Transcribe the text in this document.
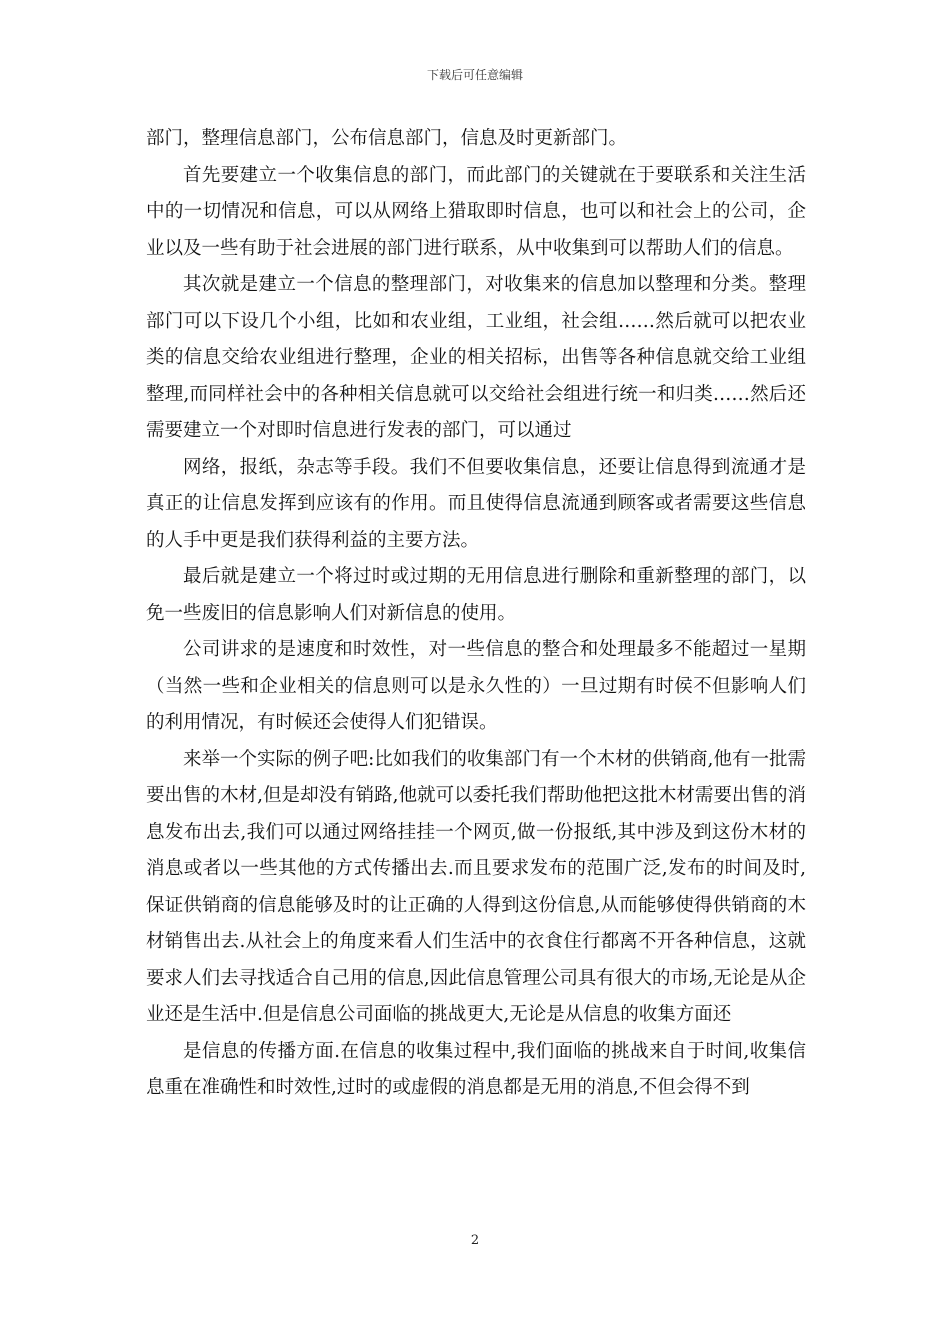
下载后可任意编辑

部门，整理信息部门，公布信息部门，信息及时更新部门。

首先要建立一个收集信息的部门，而此部门的关键就在于要联系和关注生活中的一切情况和信息，可以从网络上猎取即时信息，也可以和社会上的公司，企业以及一些有助于社会进展的部门进行联系，从中收集到可以帮助人们的信息。

其次就是建立一个信息的整理部门，对收集来的信息加以整理和分类。整理部门可以下设几个小组，比如和农业组，工业组，社会组……然后就可以把农业类的信息交给农业组进行整理，企业的相关招标，出售等各种信息就交给工业组整理,而同样社会中的各种相关信息就可以交给社会组进行统一和归类……然后还需要建立一个对即时信息进行发表的部门，可以通过

网络，报纸，杂志等手段。我们不但要收集信息，还要让信息得到流通才是真正的让信息发挥到应该有的作用。而且使得信息流通到顾客或者需要这些信息的人手中更是我们获得利益的主要方法。

最后就是建立一个将过时或过期的无用信息进行删除和重新整理的部门，以免一些废旧的信息影响人们对新信息的使用。

公司讲求的是速度和时效性，对一些信息的整合和处理最多不能超过一星期（当然一些和企业相关的信息则可以是永久性的）一旦过期有时侯不但影响人们的利用情况，有时候还会使得人们犯错误。

来举一个实际的例子吧:比如我们的收集部门有一个木材的供销商,他有一批需要出售的木材,但是却没有销路,他就可以委托我们帮助他把这批木材需要出售的消息发布出去,我们可以通过网络挂挂一个网页,做一份报纸,其中涉及到这份木材的消息或者以一些其他的方式传播出去.而且要求发布的范围广泛,发布的时间及时,保证供销商的信息能够及时的让正确的人得到这份信息,从而能够使得供销商的木材销售出去.从社会上的角度来看人们生活中的衣食住行都离不开各种信息，这就要求人们去寻找适合自己用的信息,因此信息管理公司具有很大的市场,无论是从企业还是生活中.但是信息公司面临的挑战更大,无论是从信息的收集方面还

是信息的传播方面.在信息的收集过程中,我们面临的挑战来自于时间,收集信息重在准确性和时效性,过时的或虚假的消息都是无用的消息,不但会得不到

2
